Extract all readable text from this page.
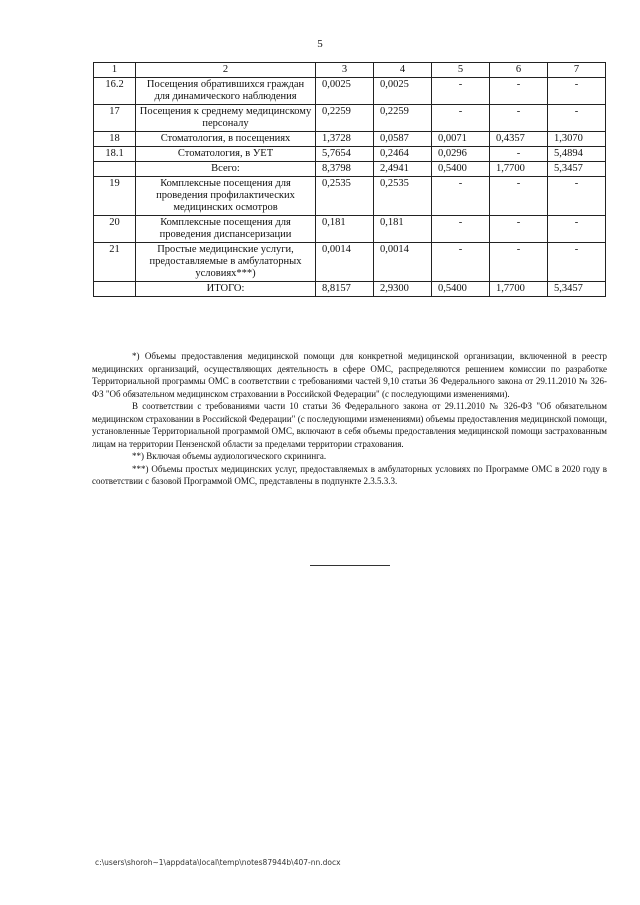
5
1	2	3	4	5	6	7
16.2	Посещения обратившихся граждан для динамического наблюдения	0,0025	0,0025	-	-	-
17	Посещения к среднему медицинскому персоналу	0,2259	0,2259	-	-	-
18	Стоматология, в посещениях	1,3728	0,0587	0,0071	0,4357	1,3070
18.1	Стоматология, в УЕТ	5,7654	0,2464	0,0296	-	5,4894
	Всего:	8,3798	2,4941	0,5400	1,7700	5,3457
19	Комплексные посещения для проведения профилактических медицинских осмотров	0,2535	0,2535	-	-	-
20	Комплексные посещения для проведения диспансеризации	0,181	0,181	-	-	-
21	Простые медицинские услуги, предоставляемые в амбулаторных условиях***)	0,0014	0,0014	-	-	-
	ИТОГО:	8,8157	2,9300	0,5400	1,7700	5,3457

*) Объемы предоставления медицинской помощи для конкретной медицинской организации, включенной в реестр медицинских организаций, осуществляющих деятельность в сфере ОМС, распределяются решением комиссии по разработке Территориальной программы ОМС в соответствии с требованиями частей 9,10 статьи 36 Федерального закона от 29.11.2010 № 326-ФЗ "Об обязательном медицинском страховании в Российской Федерации" (с последующими изменениями).

В соответствии с требованиями части 10 статьи 36 Федерального закона от 29.11.2010 № 326-ФЗ "Об обязательном медицинском страховании в Российской Федерации" (с последующими изменениями) объемы предоставления медицинской помощи, установленные Территориальной программой ОМС, включают в себя объемы предоставления медицинской помощи застрахованным лицам на территории Пензенской области за пределами территории страхования.

**) Включая объемы аудиологического скрининга.

***) Объемы простых медицинских услуг, предоставляемых в амбулаторных условиях по Программе ОМС в 2020 году в соответствии с базовой Программой ОМС, представлены в подпункте 2.3.5.3.3.

c:\users\shoroh~1\appdata\local\temp\notes87944b\407-nn.docx
